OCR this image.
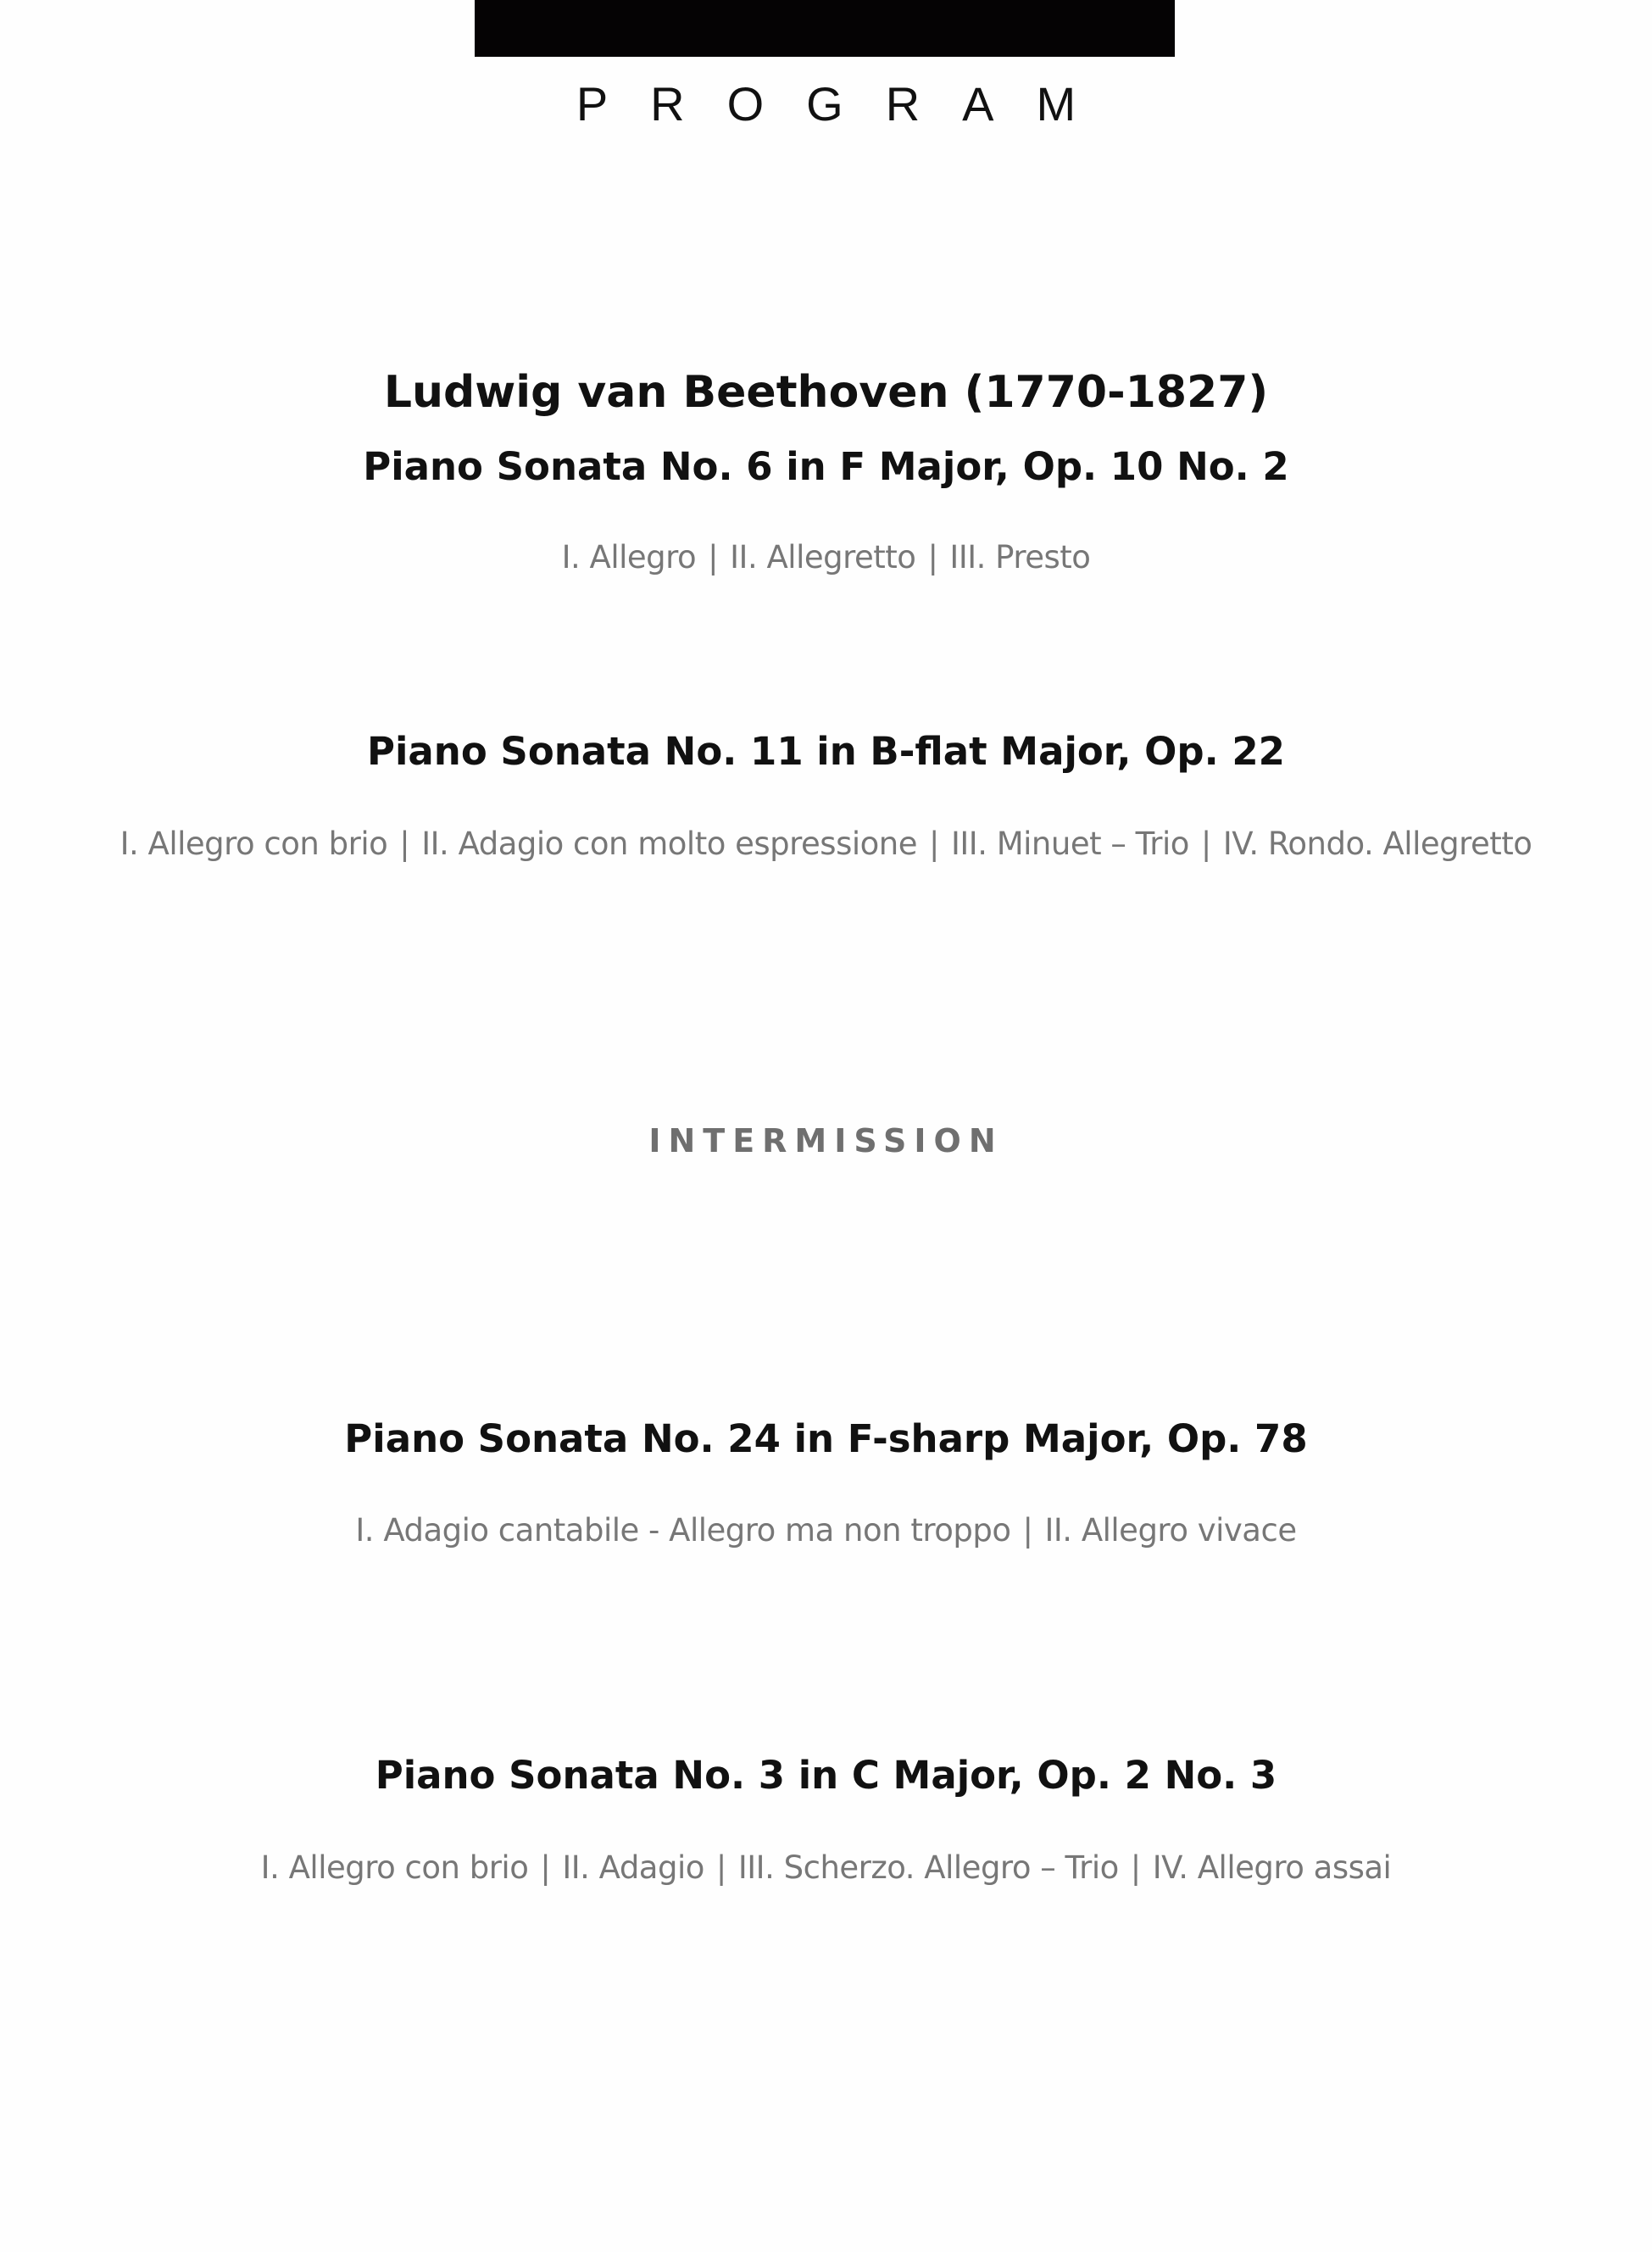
PROGRAM
Ludwig van Beethoven (1770-1827)
Piano Sonata No. 6 in F Major, Op. 10 No. 2
I. Allegro | II. Allegretto | III. Presto
Piano Sonata No. 11 in B-flat Major, Op. 22
I. Allegro con brio | II. Adagio con molto espressione | III. Minuet – Trio | IV. Rondo. Allegretto
INTERMISSION
Piano Sonata No. 24 in F-sharp Major, Op. 78
I. Adagio cantabile - Allegro ma non troppo | II. Allegro vivace
Piano Sonata No. 3 in C Major, Op. 2 No. 3
I. Allegro con brio | II. Adagio | III. Scherzo. Allegro – Trio | IV. Allegro assai
